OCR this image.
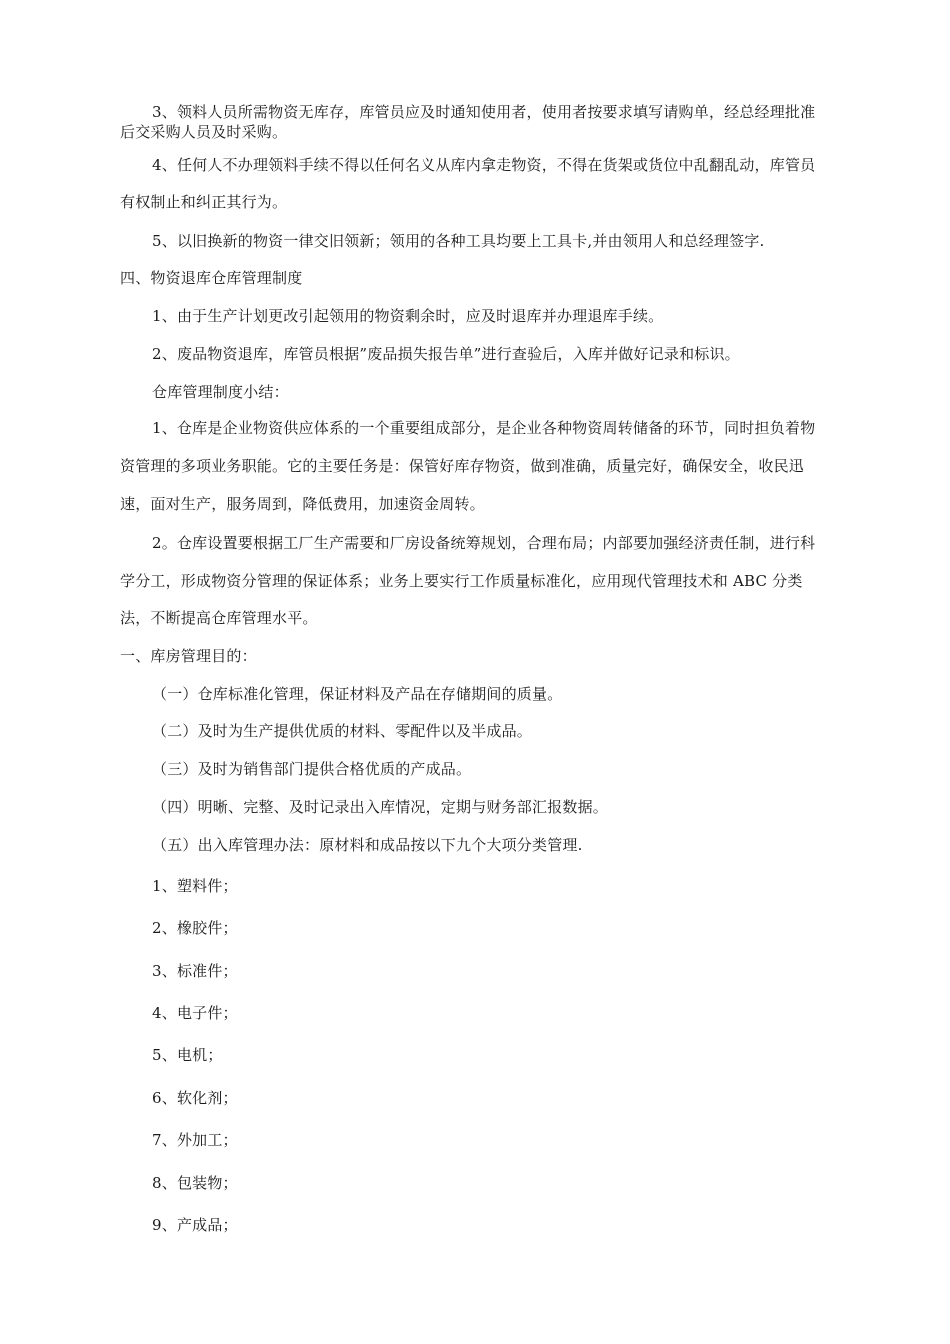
3、领料人员所需物资无库存，库管员应及时通知使用者，使用者按要求填写请购单，经总经理批准
后交采购人员及时采购。
4、任何人不办理领料手续不得以任何名义从库内拿走物资，不得在货架或货位中乱翻乱动，库管员
有权制止和纠正其行为。
5、以旧换新的物资一律交旧领新；领用的各种工具均要上工具卡,并由领用人和总经理签字.
四、物资退库仓库管理制度
1、由于生产计划更改引起领用的物资剩余时，应及时退库并办理退库手续。
2、废品物资退库，库管员根据”废品损失报告单”进行查验后，入库并做好记录和标识。
仓库管理制度小结：
1、仓库是企业物资供应体系的一个重要组成部分，是企业各种物资周转储备的环节，同时担负着物
资管理的多项业务职能。它的主要任务是：保管好库存物资，做到准确，质量完好，确保安全，收民迅
速，面对生产，服务周到，降低费用，加速资金周转。
2。仓库设置要根据工厂生产需要和厂房设备统筹规划，合理布局；内部要加强经济责任制，进行科
学分工，形成物资分管理的保证体系；业务上要实行工作质量标准化，应用现代管理技术和 ABC 分类
法，不断提高仓库管理水平。
一、库房管理目的：
（一）仓库标准化管理，保证材料及产品在存储期间的质量。
（二）及时为生产提供优质的材料、零配件以及半成品。
（三）及时为销售部门提供合格优质的产成品。
（四）明晰、完整、及时记录出入库情况，定期与财务部汇报数据。
（五）出入库管理办法：原材料和成品按以下九个大项分类管理.
1、塑料件；
2、橡胶件；
3、标准件；
4、电子件；
5、电机；
6、软化剂；
7、外加工；
8、包装物；
9、产成品；
